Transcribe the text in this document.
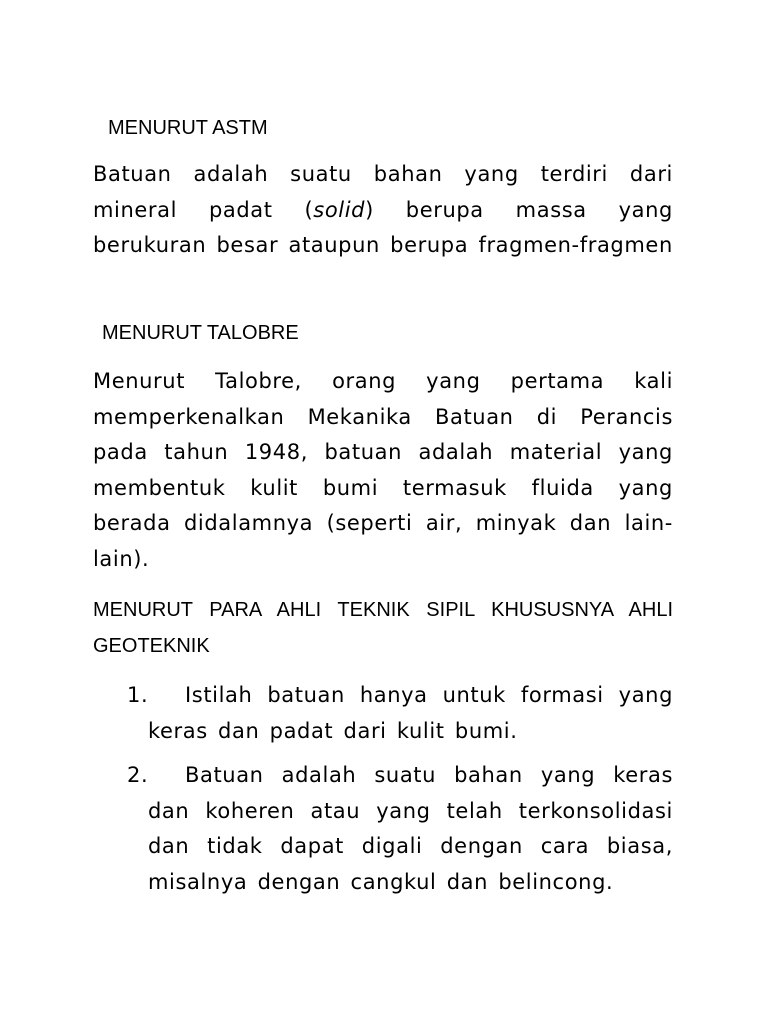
MENURUT ASTM

Batuan adalah suatu bahan yang terdiri dari mineral padat (solid) berupa massa yang berukuran besar ataupun berupa fragmen-fragmen

MENURUT TALOBRE

Menurut Talobre, orang yang pertama kali memperkenalkan Mekanika Batuan di Perancis pada tahun 1948, batuan adalah material yang membentuk kulit bumi termasuk fluida yang berada didalamnya (seperti air, minyak dan lain-lain).

MENURUT PARA AHLI TEKNIK SIPIL KHUSUSNYA AHLI GEOTEKNIK
1.	Istilah batuan hanya untuk formasi yang keras dan padat dari kulit bumi.
2.	Batuan adalah suatu bahan yang keras dan koheren atau yang telah terkonsolidasi dan tidak dapat digali dengan cara biasa, misalnya dengan cangkul dan belincong.
